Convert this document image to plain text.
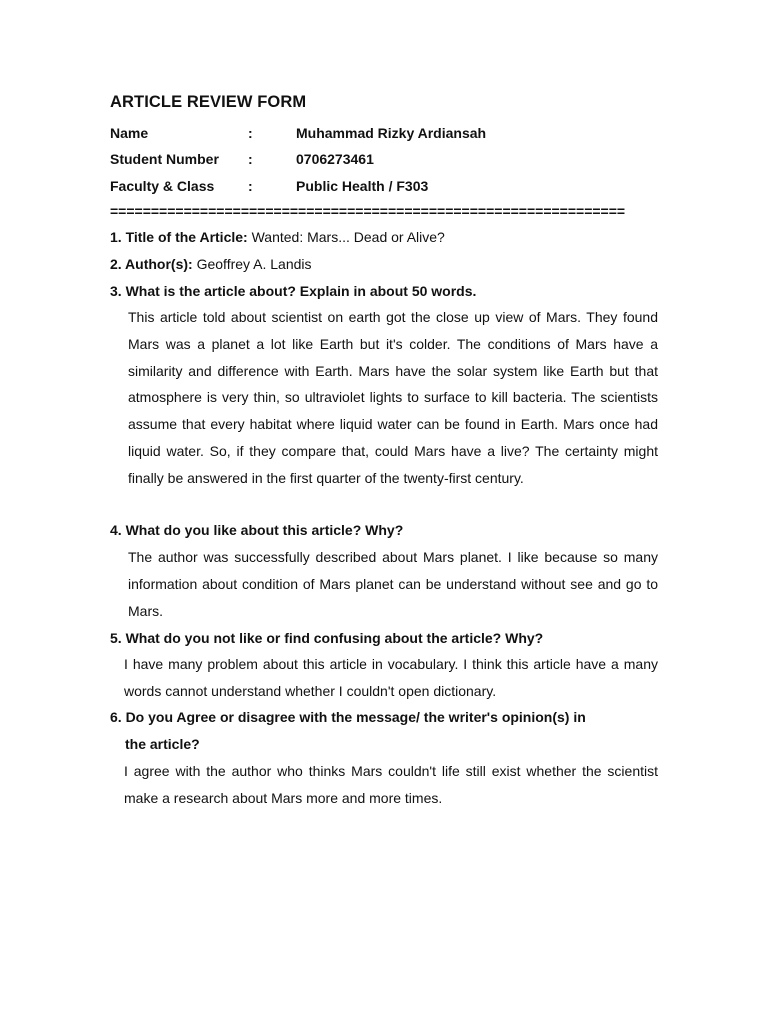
ARTICLE REVIEW FORM
Name	:	Muhammad Rizky Ardiansah
Student Number :	0706273461
Faculty & Class :	Public Health / F303
===============================================================
1. Title of the Article: Wanted: Mars... Dead or Alive?
2. Author(s): Geoffrey A. Landis
3. What is the article about? Explain in about 50 words.
This article told about scientist on earth got the close up view of Mars. They found Mars was a planet a lot like Earth but it's colder. The conditions of Mars have a similarity and difference with Earth. Mars have the solar system like Earth but that atmosphere is very thin, so ultraviolet lights to surface to kill bacteria. The scientists assume that every habitat where liquid water can be found in Earth. Mars once had liquid water. So, if they compare that, could Mars have a live? The certainty might finally be answered in the first quarter of the twenty-first century.
4. What do you like about this article? Why?
The author was successfully described about Mars planet. I like because so many information about condition of Mars planet can be understand without see and go to Mars.
5. What do you not like or find confusing about the article? Why?
I have many problem about this article in vocabulary. I think this article have a many words cannot understand whether I couldn't open dictionary.
6. Do you Agree or disagree with the message/ the writer's opinion(s) in
the article?
I agree with the author who thinks Mars couldn't life still exist whether the scientist make a research about Mars more and more times.
